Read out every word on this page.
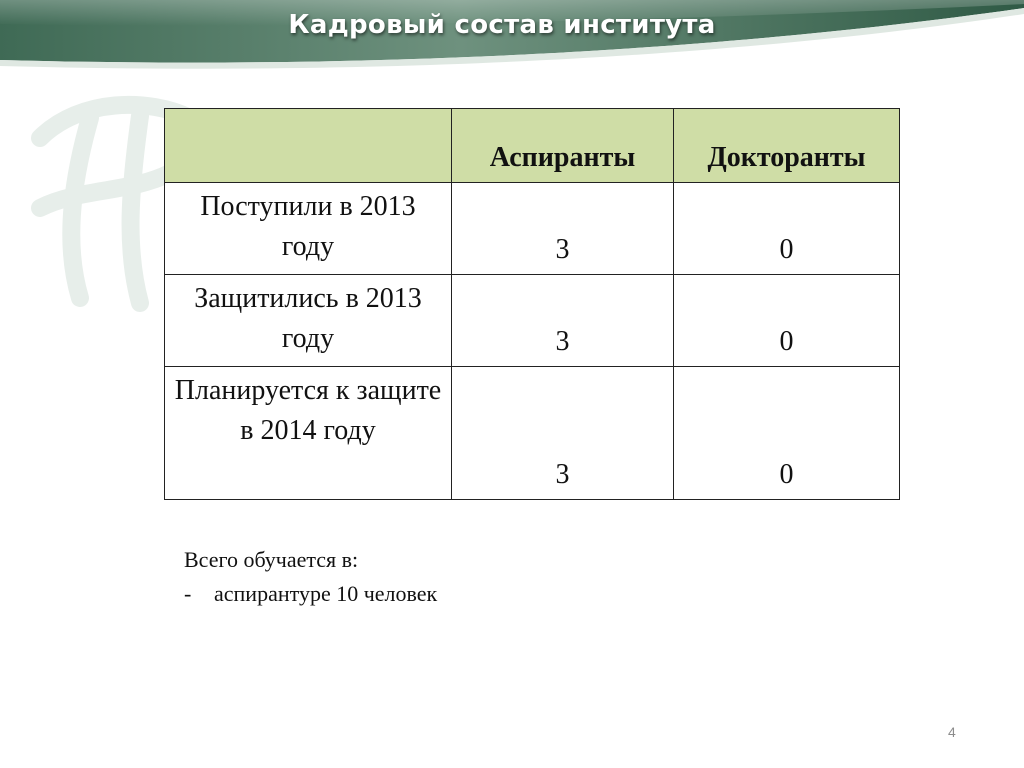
Кадровый состав института
	Аспиранты	Докторанты
Поступили в 2013 году	3	0
Защитились в 2013 году	3	0
Планируется к защите в 2014 году	3	0
Всего обучается в:
-	аспирантуре 10 человек
4
